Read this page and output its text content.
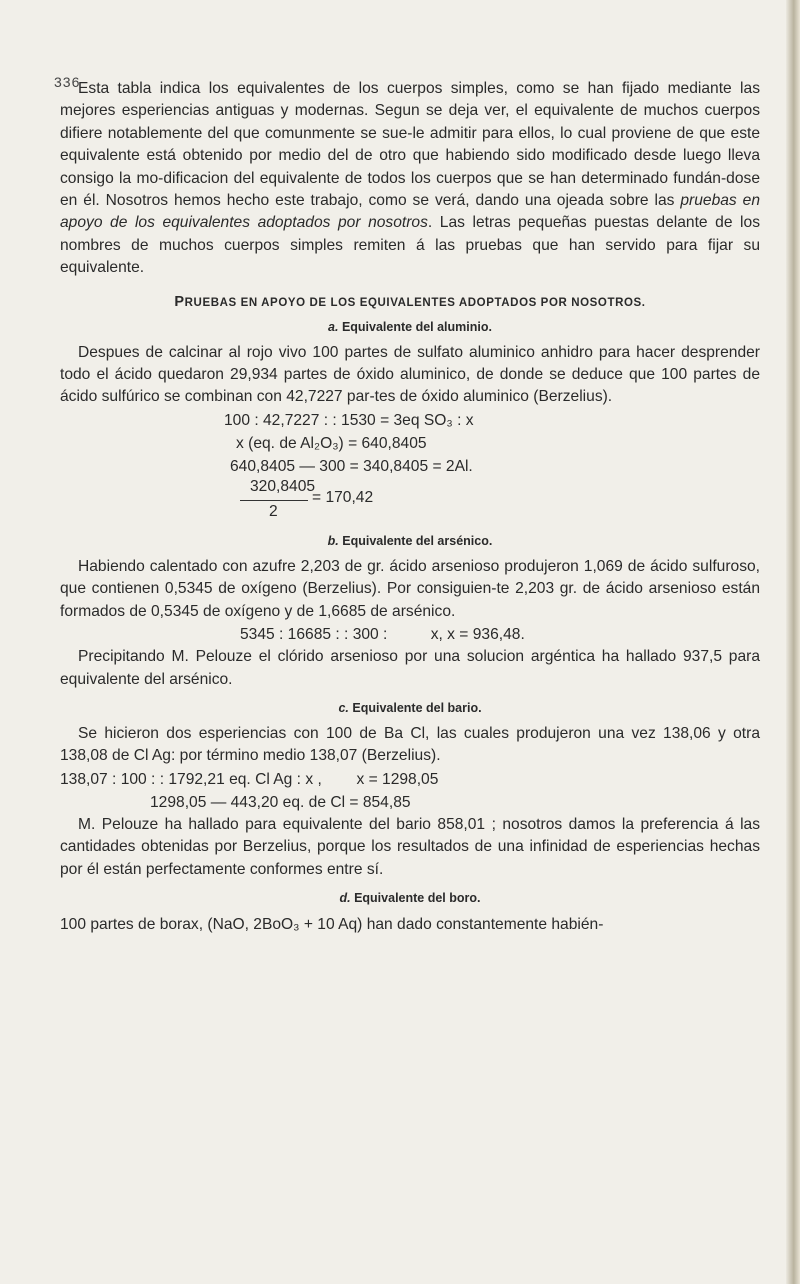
336

Esta tabla indica los equivalentes de los cuerpos simples, como se han fijado mediante las mejores esperiencias antiguas y modernas. Segun se deja ver, el equivalente de muchos cuerpos difiere notablemente del que comunmente se sue-le admitir para ellos, lo cual proviene de que este equivalente está obtenido por medio del de otro que habiendo sido modificado desde luego lleva consigo la mo-dificacion del equivalente de todos los cuerpos que se han determinado fundán-dose en él. Nosotros hemos hecho este trabajo, como se verá, dando una ojeada sobre las pruebas en apoyo de los equivalentes adoptados por nosotros. Las letras pequeñas puestas delante de los nombres de muchos cuerpos simples remiten á las pruebas que han servido para fijar su equivalente.

PRUEBAS EN APOYO DE LOS EQUIVALENTES ADOPTADOS POR NOSOTROS.
a. Equivalente del aluminio.

Despues de calcinar al rojo vivo 100 partes de sulfato aluminico anhidro para hacer desprender todo el ácido quedaron 29,934 partes de óxido aluminico, de donde se deduce que 100 partes de ácido sulfúrico se combinan con 42,7227 par-tes de óxido aluminico (Berzelius).

100 : 42,7227 : : 1530 = 3eq SO₃ : x
x (eq. de Al₂O₃) = 640,8405
640,8405 — 300 = 340,8405 = 2Al.
320,8405
= 170,42
2
b. Equivalente del arsénico.

Habiendo calentado con azufre 2,203 de gr. ácido arsenioso produjeron 1,069 de ácido sulfuroso, que contienen 0,5345 de oxígeno (Berzelius). Por consiguien-te 2,203 gr. de ácido arsenioso están formados de 0,5345 de oxígeno y de 1,6685 de arsénico.

5345 : 16685 : : 300 :          x, x = 936,48.

Precipitando M. Pelouze el clórido arsenioso por una solucion argéntica ha hallado 937,5 para equivalente del arsénico.

c. Equivalente del bario.

Se hicieron dos esperiencias con 100 de Ba Cl, las cuales produjeron una vez 138,06 y otra 138,08 de Cl Ag: por término medio 138,07 (Berzelius).

138,07 : 100 : : 1792,21 eq. Cl Ag : x ,        x = 1298,05
1298,05 — 443,20 eq. de Cl = 854,85

M. Pelouze ha hallado para equivalente del bario 858,01 ; nosotros damos la preferencia á las cantidades obtenidas por Berzelius, porque los resultados de una infinidad de esperiencias hechas por él están perfectamente conformes entre sí.

d. Equivalente del boro.
100 partes de borax, (NaO, 2BoO₃ + 10 Aq) han dado constantemente habién-
